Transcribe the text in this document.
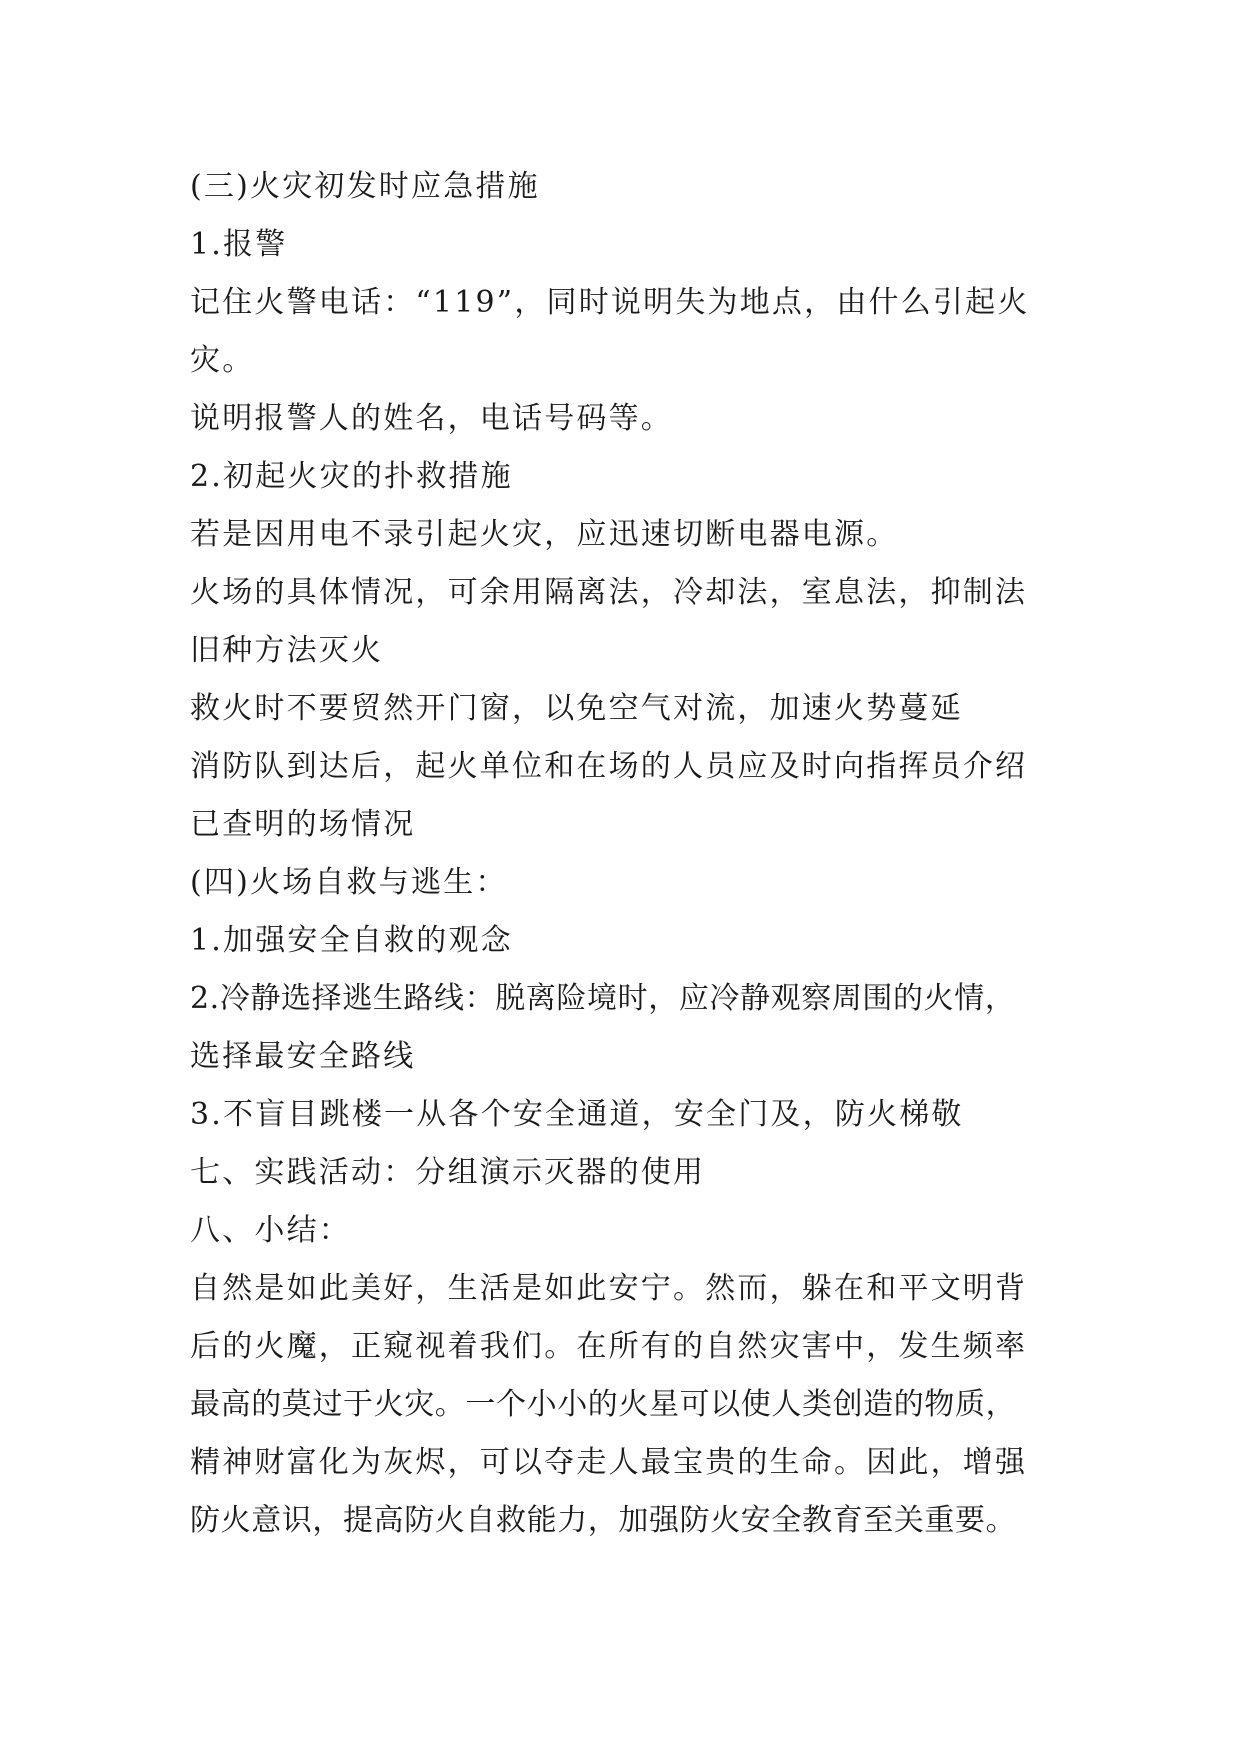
(三)火灾初发时应急措施
1.报警
记住火警电话：“119”，同时说明失为地点，由什么引起火
灾。
说明报警人的姓名，电话号码等。
2.初起火灾的扑救措施
若是因用电不录引起火灾，应迅速切断电器电源。
火场的具体情况，可余用隔离法，冷却法，室息法，抑制法
旧种方法灭火
救火时不要贸然开门窗，以免空气对流，加速火势蔓延
消防队到达后，起火单位和在场的人员应及时向指挥员介绍
已查明的场情况
(四)火场自救与逃生：
1.加强安全自救的观念
2.冷静选择逃生路线：脱离险境时，应冷静观察周围的火情，
选择最安全路线
3.不盲目跳楼一从各个安全通道，安全门及，防火梯敬
七、实践活动：分组演示灭器的使用
八、小结：
自然是如此美好，生活是如此安宁。然而，躲在和平文明背
后的火魔，正窥视着我们。在所有的自然灾害中，发生频率
最高的莫过于火灾。一个小小的火星可以使人类创造的物质，
精神财富化为灰烬，可以夺走人最宝贵的生命。因此，增强
防火意识，提高防火自救能力，加强防火安全教育至关重要。
